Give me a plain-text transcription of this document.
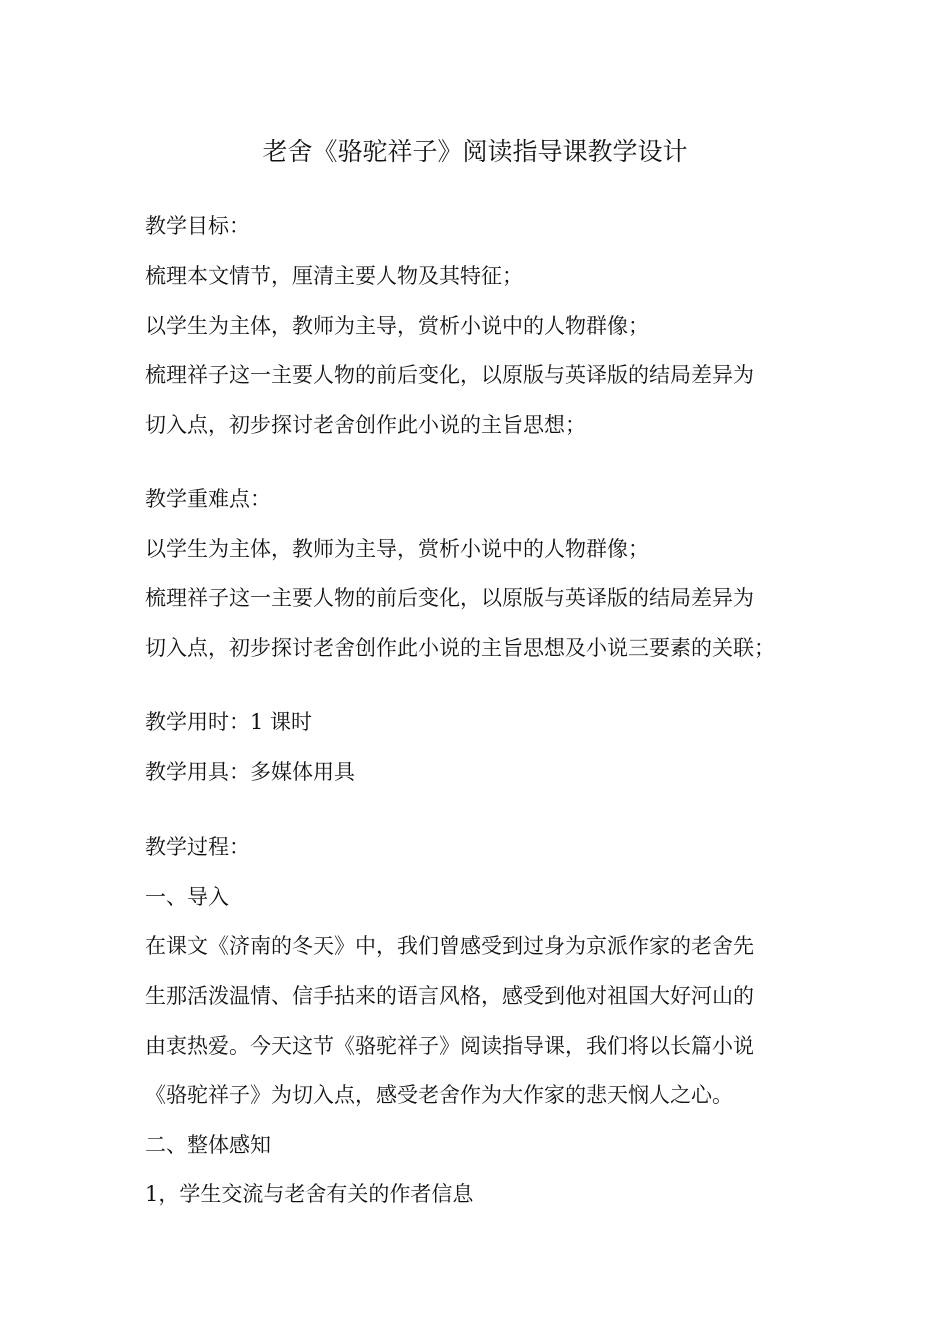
老舍《骆驼祥子》阅读指导课教学设计
教学目标：
梳理本文情节，厘清主要人物及其特征；
以学生为主体，教师为主导，赏析小说中的人物群像；
梳理祥子这一主要人物的前后变化，以原版与英译版的结局差异为
切入点，初步探讨老舍创作此小说的主旨思想；
教学重难点：
以学生为主体，教师为主导，赏析小说中的人物群像；
梳理祥子这一主要人物的前后变化，以原版与英译版的结局差异为
切入点，初步探讨老舍创作此小说的主旨思想及小说三要素的关联；
教学用时：1 课时
教学用具：多媒体用具
教学过程：
一、导入
在课文《济南的冬天》中，我们曾感受到过身为京派作家的老舍先
生那活泼温情、信手拈来的语言风格，感受到他对祖国大好河山的
由衷热爱。今天这节《骆驼祥子》阅读指导课，我们将以长篇小说
《骆驼祥子》为切入点，感受老舍作为大作家的悲天悯人之心。
二、整体感知
1，学生交流与老舍有关的作者信息
